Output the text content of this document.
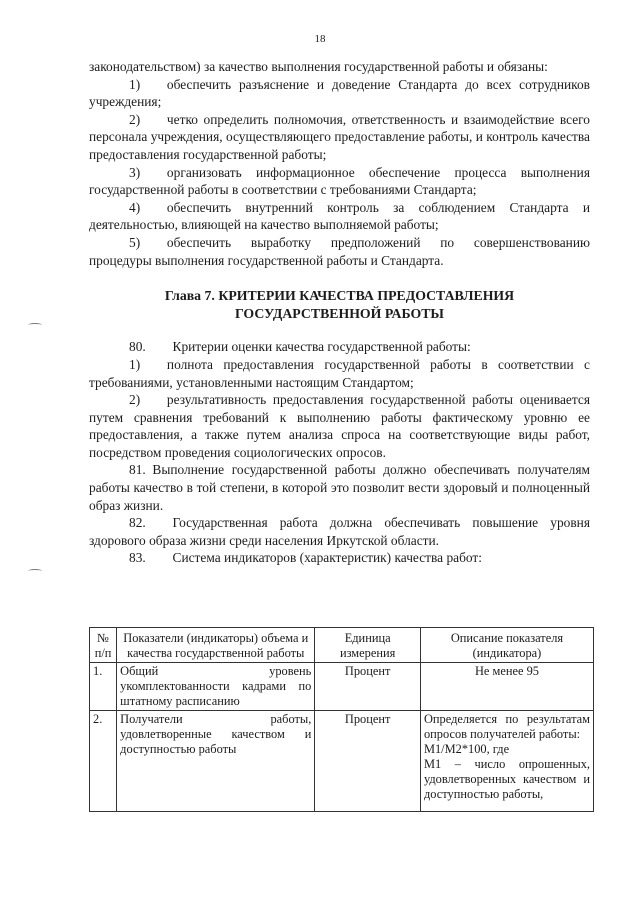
18

законодательством) за качество выполнения государственной работы и обязаны:

1)  обеспечить разъяснение и доведение Стандарта до всех сотрудников учреждения;

2)  четко определить полномочия, ответственность и взаимодействие всего персонала учреждения, осуществляющего предоставление работы, и контроль качества предоставления государственной работы;

3)  организовать информационное обеспечение процесса выполнения государственной работы в соответствии с требованиями Стандарта;

4)  обеспечить внутренний контроль за соблюдением Стандарта и деятельностью, влияющей на качество выполняемой работы;

5)  обеспечить выработку предположений по совершенствованию процедуры выполнения государственной работы и Стандарта.

Глава 7. КРИТЕРИИ КАЧЕСТВА ПРЕДОСТАВЛЕНИЯ
ГОСУДАРСТВЕННОЙ РАБОТЫ

80.  Критерии оценки качества государственной работы:

1)  полнота предоставления государственной работы в соответствии с требованиями, установленными настоящим Стандартом;

2)  результативность предоставления государственной работы оценивается путем сравнения требований к выполнению работы фактическому уровню ее предоставления, а также путем анализа спроса на соответствующие виды работ, посредством проведения социологических опросов.

81. Выполнение государственной работы должно обеспечивать получателям работы качество в той степени, в которой это позволит вести здоровый и полноценный образ жизни.

82.  Государственная работа должна обеспечивать повышение уровня здорового образа жизни среди населения Иркутской области.

83.  Система индикаторов (характеристик) качества работ:

№ п/п	Показатели (индикаторы) объема и качества государственной работы	Единица измерения	Описание показателя (индикатора)
1.	Общий уровень укомплектованности кадрами по штатному расписанию	Процент	Не менее 95
2.	Получатели работы, удовлетворенные качеством и доступностью работы	Процент	Определяется по результатам опросов получателей работы:
М1/М2*100, где
М1 – число опрошенных, удовлетворенных качеством и доступностью работы,
